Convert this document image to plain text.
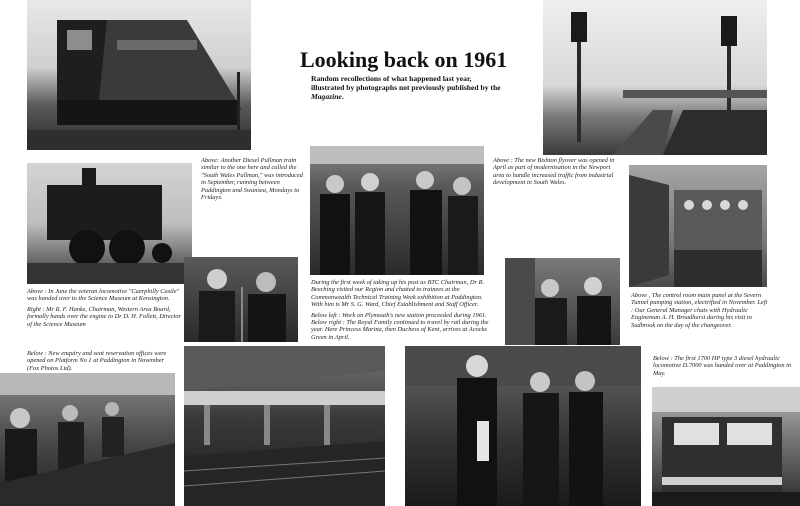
Looking back on 1961

Random recollections of what happened last year, illustrated by photographs not previously published by the Magazine.

Above: Another Diesel Pullman train similar to the one here and called the "South Wales Pullman," was introduced in September, running between Paddington and Swansea, Mondays to Fridays.

Above : In June the veteran locomotive "Caerphilly Castle" was handed over to the Science Museum at Kensington.

Right : Mr R. F. Hanks, Chairman, Western Area Board, formally hands over the engine to Dr D. H. Follett, Director of the Science Museum

During the first week of taking up his post as BTC Chairman, Dr R. Beeching visited our Region and chatted to trainees at the Commonwealth Technical Training Week exhibition at Paddington. With him is Mr S. G. Ward, Chief Establishment and Staff Officer.

Below left : Work on Plymouth's new station proceeded during 1961. Below right : The Royal Family continued to travel by rail during the year. Here Princess Marina, then Duchess of Kent, arrives at Acocks Green in April.

Above : The new Bishton flyover was opened in April as part of modernisation in the Newport area to handle increased traffic from industrial development in South Wales.

Above , The control room main panel at the Severn Tunnel pumping station, electrified in November. Left : Our General Manager chats with Hydraulic Engineman A. H. Broadhurst during his visit to Sudbrook on the day of the changeover.

Below : New enquiry and seat reservation offices were opened on Platform No 1 at Paddington in November (Fox Photos Ltd).

Below : The first 1700 HP type 3 diesel hydraulic locomotive D.7000 was handed over at Paddington in May.
